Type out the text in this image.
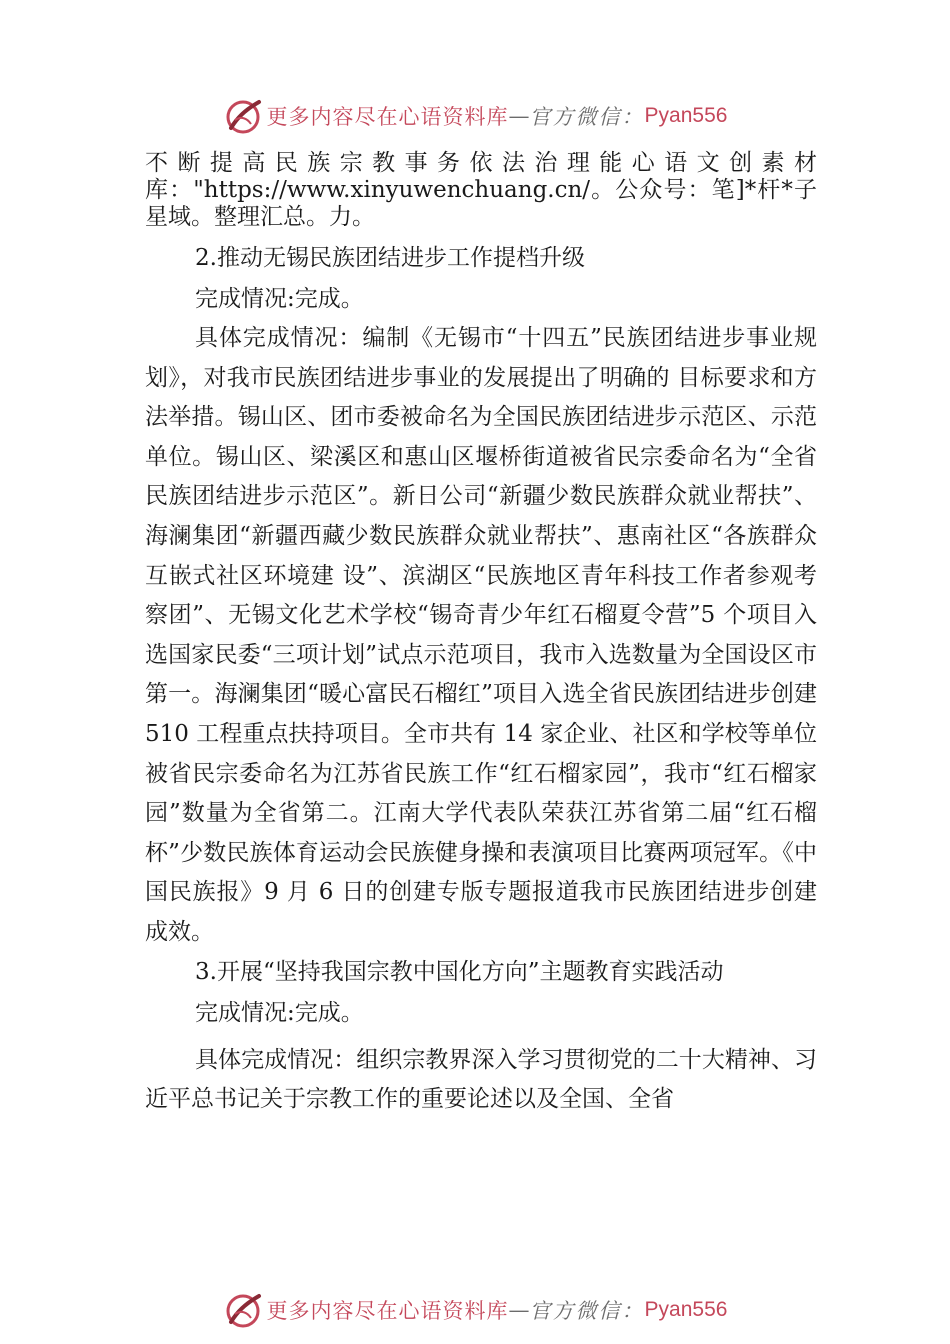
更多内容尽在心语资料库 — 官方微信： Pyan556

不断提高民族宗教事务依法治理能心语文创素材库："https://www.xinyuwenchuang.cn/。公众号：笔]*杆*子星域。整理汇总。力。

2.推动无锡民族团结进步工作提档升级

完成情况:完成。

具体完成情况：编制《无锡市“十四五”民族团结进步事业规划》，对我市民族团结进步事业的发展提出了明确的 目标要求和方法举措。锡山区、团市委被命名为全国民族团结进步示范区、示范单位。锡山区、梁溪区和惠山区堰桥街道被省民宗委命名为“全省民族团结进步示范区”。新日公司“新疆少数民族群众就业帮扶”、海澜集团“新疆西藏少数民族群众就业帮扶”、惠南社区“各族群众互嵌式社区环境建 设”、滨湖区“民族地区青年科技工作者参观考察团”、无锡文化艺术学校“锡奇青少年红石榴夏令营”5 个项目入选国家民委“三项计划”试点示范项目，我市入选数量为全国设区市第一。海澜集团“暖心富民石榴红”项目入选全省民族团结进步创建 510 工程重点扶持项目。全市共有 14 家企业、社区和学校等单位被省民宗委命名为江苏省民族工作“红石榴家园”，我市“红石榴家园”数量为全省第二。江南大学代表队荣获江苏省第二届“红石榴杯”少数民族体育运动会民族健身操和表演项目比赛两项冠军。《中国民族报》9 月 6 日的创建专版专题报道我市民族团结进步创建成效。

3.开展“坚持我国宗教中国化方向”主题教育实践活动

完成情况:完成。

具体完成情况：组织宗教界深入学习贯彻党的二十大精神、习近平总书记关于宗教工作的重要论述以及全国、全省

更多内容尽在心语资料库 — 官方微信： Pyan556
